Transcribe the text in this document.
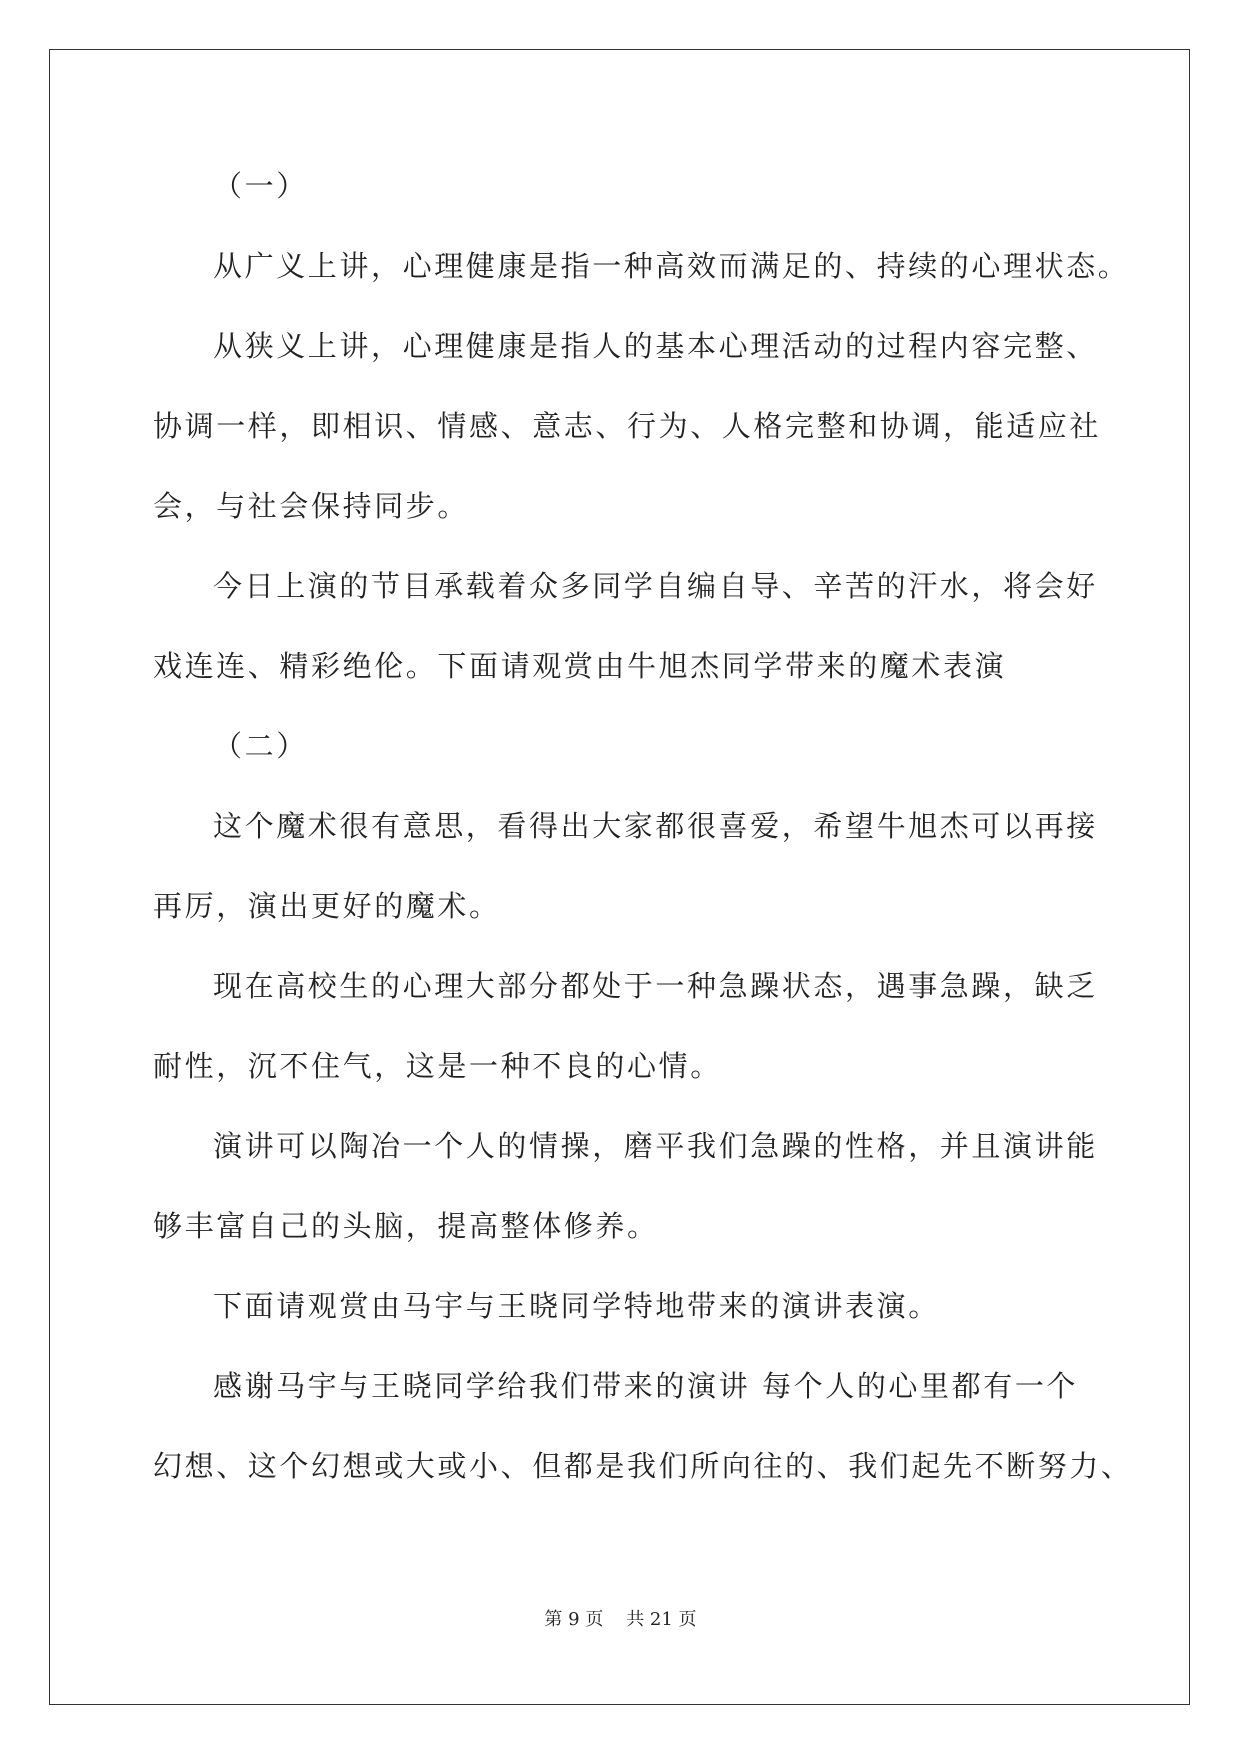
（一）
从广义上讲，心理健康是指一种高效而满足的、持续的心理状态。
从狭义上讲，心理健康是指人的基本心理活动的过程内容完整、
协调一样，即相识、情感、意志、行为、人格完整和协调，能适应社
会，与社会保持同步。
今日上演的节目承载着众多同学自编自导、辛苦的汗水，将会好
戏连连、精彩绝伦。下面请观赏由牛旭杰同学带来的魔术表演
（二）
这个魔术很有意思，看得出大家都很喜爱，希望牛旭杰可以再接
再厉，演出更好的魔术。
现在高校生的心理大部分都处于一种急躁状态，遇事急躁，缺乏
耐性，沉不住气，这是一种不良的心情。
演讲可以陶冶一个人的情操，磨平我们急躁的性格，并且演讲能
够丰富自己的头脑，提高整体修养。
下面请观赏由马宇与王晓同学特地带来的演讲表演。
感谢马宇与王晓同学给我们带来的演讲 每个人的心里都有一个
幻想、这个幻想或大或小、但都是我们所向往的、我们起先不断努力、
第 9 页    共 21 页
